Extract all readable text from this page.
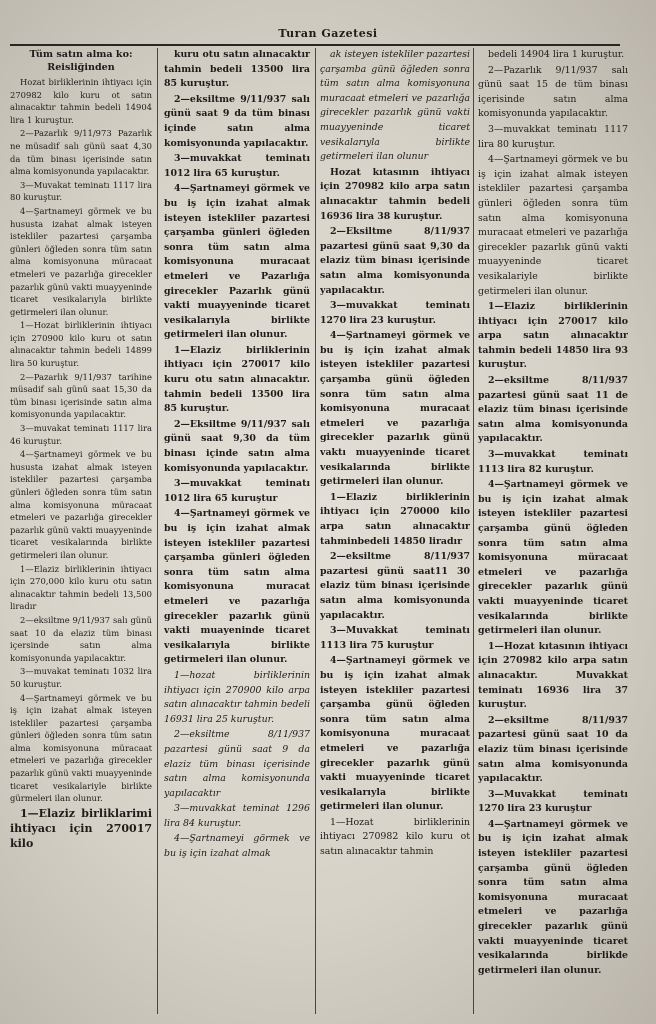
Turan Gazetesi

Tüm satın alma ko: Reisliğinden

Hozat birliklerinin ihtiyacı için 270982 kilo kuru ot satın alınacaktır tahmin bedeli 14904 lira 1 kuruştur.

2—Pazarlık 9/11/973 Pazarlık ne müsadif salı günü saat 4,30 da tüm binası içerisinde satın alma komisyonunda yapılacaktır.

3—Muvakat teminatı 1117 lira 80 kuruştur.

4—Şartnameyi görmek ve bu hususta izahat almak isteyen istekliler pazartesi çarşamba günleri öğleden sonra tüm satın alma komisyonuna müracaat etmeleri ve pazarlığa girecekler pazarlık günü vakti muayyeninde ticaret vesikalarıyla birlikte getirmeleri ilan olunur.

1—Hozat birliklerinin ihtiyacı için 270900 kilo kuru ot satın alınacaktır tahmin bedeli 14899 lira 50 kuruştur.

2—Pazarlık 9/11/937 tarihine müsadif salı günü saat 15,30 da tüm binası içerisinde satın alma komisyonunda yapılacaktır.

3—muvakat teminatı 1117 lira 46 kuruştur.

4—Şartnameyi görmek ve bu hususta izahat almak isteyen istekliler pazartesi çarşamba günleri öğleden sonra tüm satın alma komisyonuna müracaat etmeleri ve pazarlığa girecekler pazarlık günü vakti muayyeninde ticaret vesikalarında birlikte getirmeleri ilan olunur.

1—Elaziz birliklerinin ihtiyacı için 270,000 kilo kuru otu satın alınacaktır tahmin bedeli 13,500 liradır

2—eksiltme 9/11/937 salı günü saat 10 da elaziz tüm binası içersinde satın alma komisyonunda yapılacaktır.

3—muvakat teminatı 1032 lira 50 kuruştur.

4—Şartnameyi görmek ve bu iş için izahat almak isteyen istekliler pazartesi çarşamba günleri öğleden sonra tüm satın alma komisyonuna müracaat etmeleri ve pazarlığa girecekler pazarlık günü vakti muayyeninde ticaret vesikalariyle birlikte gürmeleri ilan olunur.

1—Elaziz birliklarimi ihtiyacı için 270017 kilo

kuru otu satın alınacaktır tahmin bedeli 13500 lira 85 kuruştur.

2—eksiltme 9/11/937 salı günü saat 9 da tüm binası içinde satın alma komisyonunda yapılacaktır.

3—muvakkat teminatı 1012 lira 65 kuruştur.

4—Şartnameyi görmek ve bu iş için izahat almak isteyen istekliler pazartesi çarşamba günleri öğleden sonra tüm satın alma komisyonuna muracaat etmeleri ve Pazarlığa girecekler Pazarlık günü vakti muayyeninde ticaret vesikalarıyla birlikte getirmeleri ilan olunur.

1—Elaziz birliklerinin ihtiyacı için 270017 kilo kuru otu satın alınacaktır. tahmin bedeli 13500 lira 85 kuruştur.

2—Eksiltme 9/11/937 salı günü saat 9,30 da tüm binası içinde satın alma komisyonunda yapılacaktır.

3—muvakkat teminatı 1012 lira 65 kuruştur

4—Şartnameyi görmek ve bu iş için izahat almak isteyen istekliler pazartesi çarşamba günleri öğleden sonra tüm satın alma komisyonuna muracat etmeleri ve pazarlığa girecekler pazarlık günü vakti muayeninde ticaret vesikalarıyla birlikte getirmeleri ilan olunur.

1—hozat birliklerinin ihtiyacı için 270900 kilo arpa satın alınacaktır tahmin bedeli 16931 lira 25 kuruştur.

2—eksiltme 8/11/937 pazartesi günü saat 9 da elaziz tüm binası içerisinde satın alma komisyonunda yapılacaktır

3—muvakkat teminat 1296 lira 84 kuruştur.

4—Şartnameyi görmek ve bu iş için izahat almak

ak isteyen istekliler pazartesi çarşamba günü öğleden sonra tüm satın alma komisyonuna muracaat etmeleri ve pazarlığa girecekler pazarlık günü vakti muayyeninde ticaret vesikalarıyla birlikte getirmeleri ilan olunur

Hozat kıtasının ihtiyacı için 270982 kilo arpa satın alınacaktır tahmin bedeli 16936 lira 38 kuruştur.

2—Eksiltme 8/11/937 pazartesi günü saat 9,30 da elaziz tüm binası içerisinde satın alma komisyonunda yapılacaktır.

3—muvakkat teminatı 1270 lira 23 kuruştur.

4—Şartnameyi görmek ve bu iş için izahat almak isteyen istekliler pazartesi çarşamba günü öğleden sonra tüm satın alma komisyonuna muracaat etmeleri ve pazarlığa girecekler pazarlık günü vaktı muayyeninde ticaret vesikalarında birlikte getirmeleri ilan olunur.

1—Elaziz birliklerinin ihtiyacı için 270000 kilo arpa satın alınacaktır tahminbedeli 14850 liradır

2—eksiltme 8/11/937 pazartesi günü saat11 30 elaziz tüm binası içerisinde satın alma komisyonunda yapılacaktır.

3—Muvakkat teminatı 1113 lira 75 kuruştur

4—Şartnameyi görmek ve bu iş için izahat almak isteyen istekliler pazartesi çarşamba günü öğleden sonra tüm satın alma komisyonuna muracaat etmeleri ve pazarlığa girecekler pazarlık günü vakti muayyeninde ticaret vesikalarıyla birlikte getirmeleri ilan olunur.

1—Hozat birliklerinin ihtiyacı 270982 kilo kuru ot satın alınacaktır tahmin

bedeli 14904 lira 1 kuruştur.

2—Pazarlık 9/11/937 salı günü saat 15 de tüm binası içerisinde satın alma komisyonunda yapılacaktır.

3—muvakkat teminatı 1117 lira 80 kuruştur.

4—Şartnameyi görmek ve bu iş için izahat almak isteyen istekliler pazartesi çarşamba günleri öğleden sonra tüm satın alma komisyonuna muracaat etmeleri ve pazarlığa girecekler pazarlık günü vakti muayyeninde ticaret vesikalariyle birlikte getirmeleri ilan olunur.

1—Elaziz birliklerinin ihtiyacı için 270017 kilo arpa satın alınacaktır tahmin bedeli 14850 lira 93 kuruştur.

2—eksiltme 8/11/937 pazartesi günü saat 11 de elaziz tüm binası içerisinde satın alma komisyonunda yapılacaktır.

3—muvakkat teminatı 1113 lira 82 kuruştur.

4—Şartnameyi görmek ve bu iş için izahat almak isteyen istekliler pazartesi çarşamba günü öğleden sonra tüm satın alma komisyonuna müracaat etmeleri ve pazarlığa girecekler pazarlık günü vakti muayyeninde ticaret vesikalarında birlikte getirmeleri ilan olunur.

1—Hozat kıtasının ihtiyacı için 270982 kilo arpa satın alınacaktır. Muvakkat teminatı 16936 lira 37 kuruştur.

2—eksiltme 8/11/937 pazartesi günü saat 10 da elaziz tüm binası içerisinde satın alma komisyonunda yapılacaktır.

3—Muvakkat teminatı 1270 lira 23 kuruştur

4—Şartnameyi görmek ve bu iş için izahat almak isteyen istekliler pazartesi çarşamba günü öğleden sonra tüm satın alma komisyonuna muracaat etmeleri ve pazarlığa girecekler pazarlık günü vakti muayyeninde ticaret vesikalarında birlikde getirmeleri ilan olunur.
